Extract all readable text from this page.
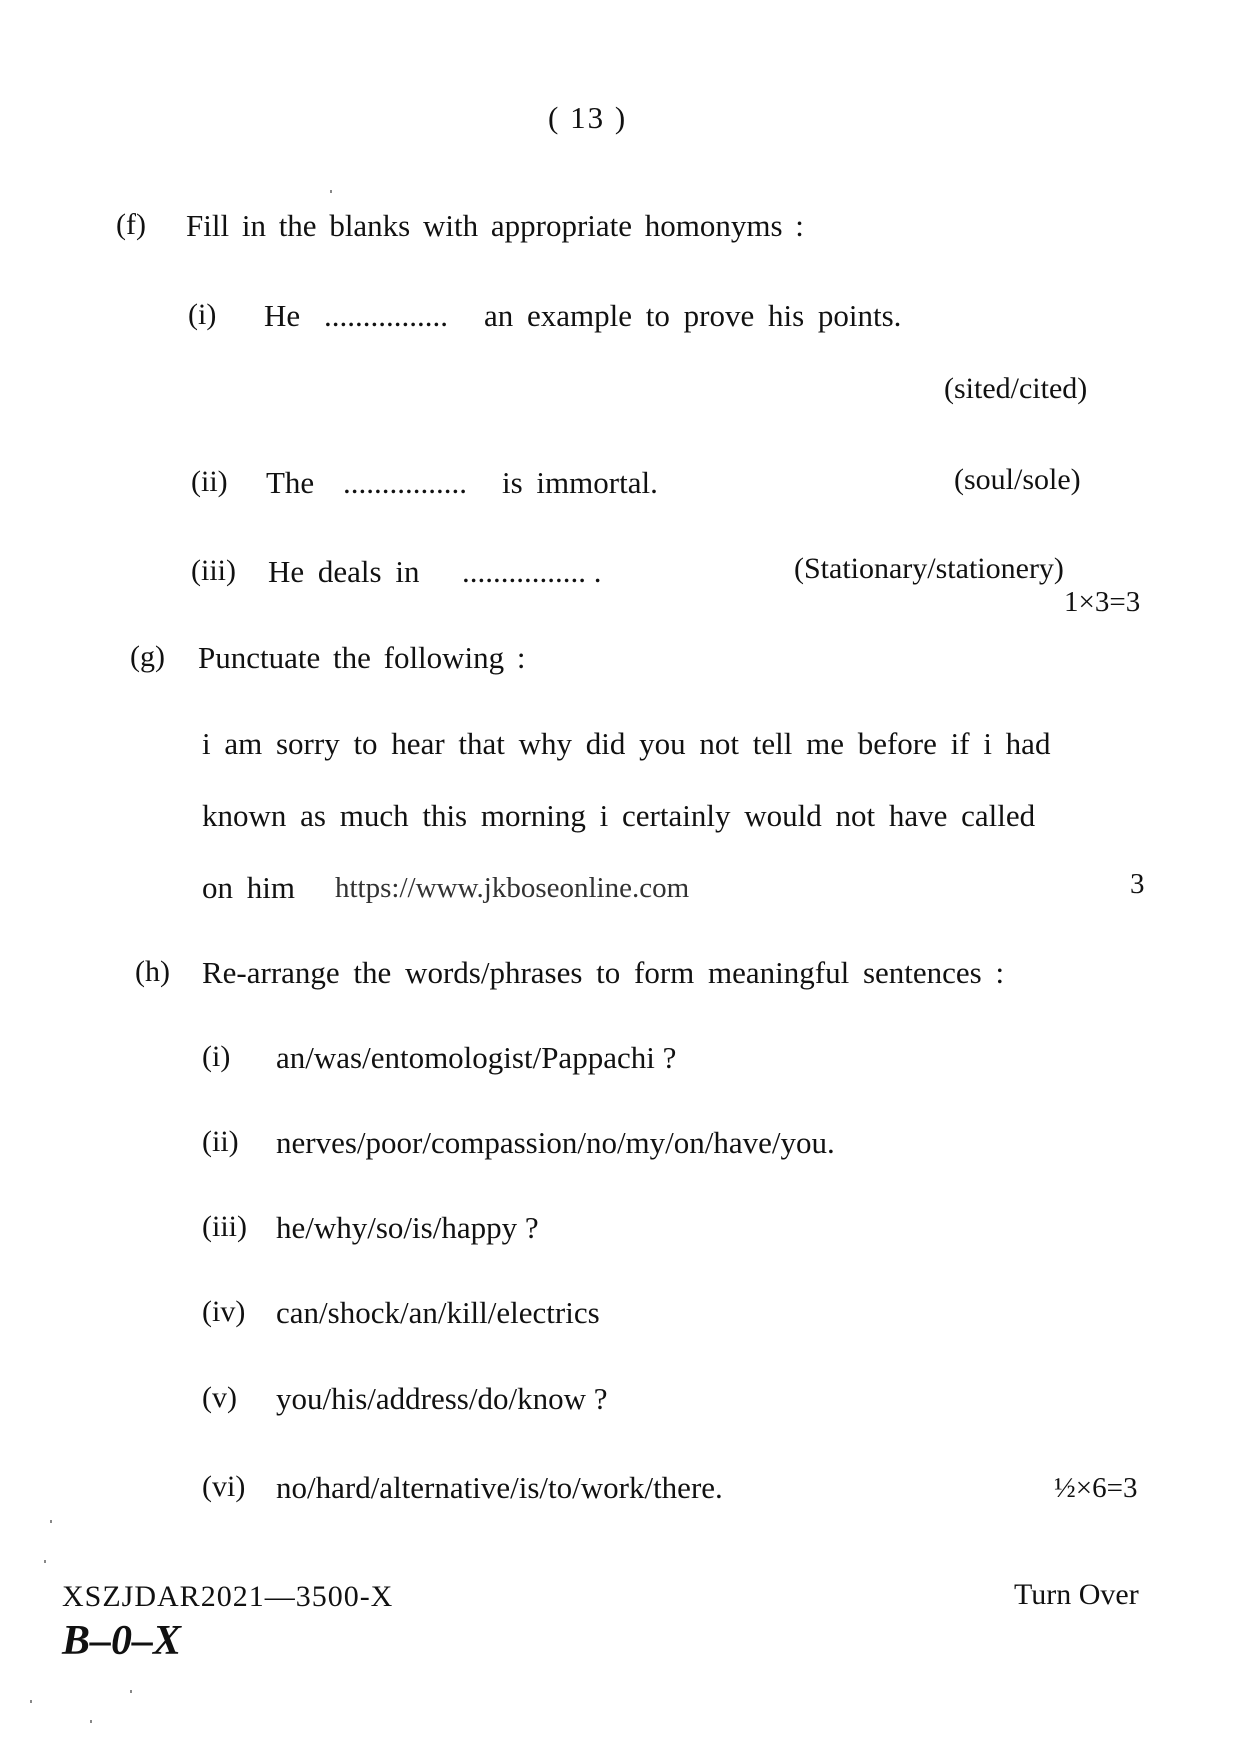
( 13 )
(f) Fill in the blanks with appropriate homonyms :
(i) He ................ an example to prove his points.
(sited/cited)
(ii) The ................ is immortal.	(soul/sole)
(iii) He deals in ................ .	(Stationary/stationery)
1×3=3
(g) Punctuate the following :
i am sorry to hear that why did you not tell me before if i had
known as much this morning i certainly would not have called
on him https://www.jkboseonline.com	3
(h) Re-arrange the words/phrases to form meaningful sentences :
(i) an/was/entomologist/Pappachi ?
(ii) nerves/poor/compassion/no/my/on/have/you.
(iii) he/why/so/is/happy ?
(iv) can/shock/an/kill/electrics
(v) you/his/address/do/know ?
(vi) no/hard/alternative/is/to/work/there.	½×6=3
XSZJDAR2021—3500-X	Turn Over
B–0–X
